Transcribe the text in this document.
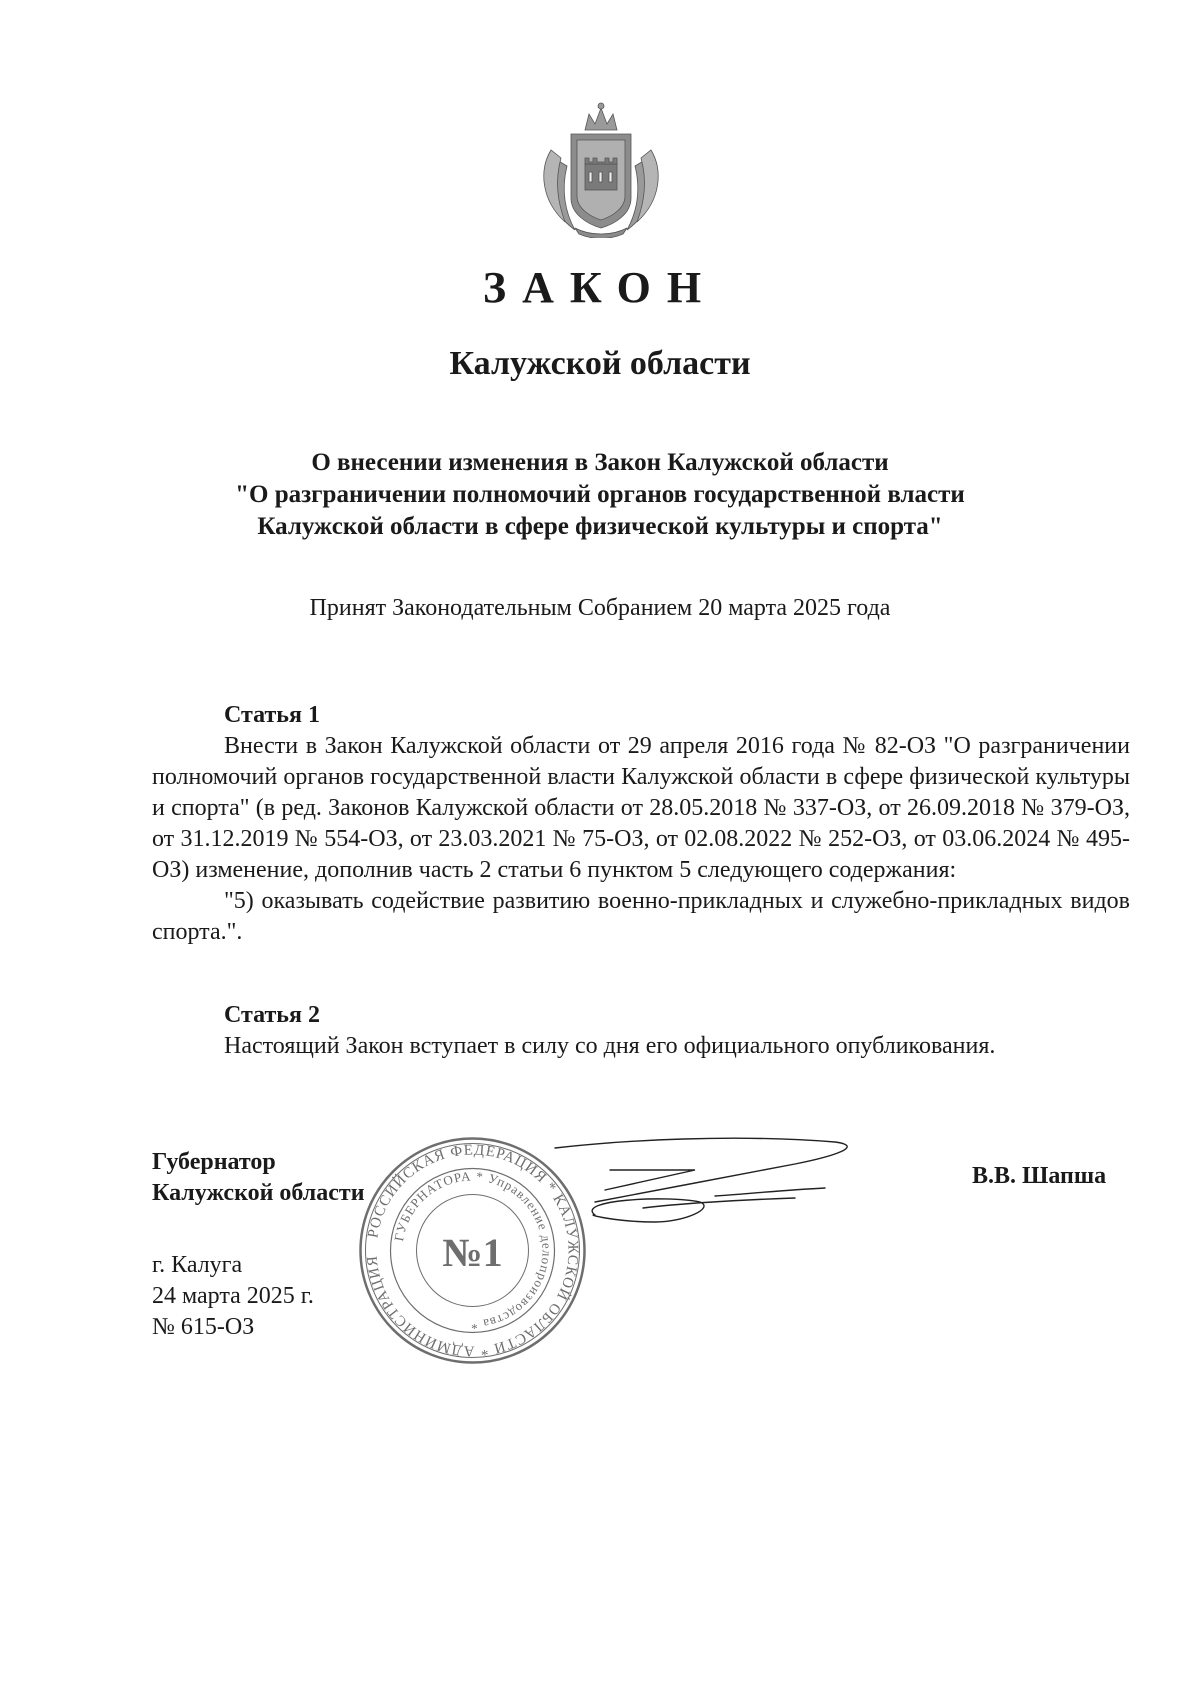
ЗАКОН
Калужской области
О внесении изменения в Закон Калужской области
"О разграничении полномочий органов государственной власти
Калужской области в сфере физической культуры и спорта"

Принят Законодательным Собранием 20 марта 2025 года

Статья 1

Внести в Закон Калужской области от 29 апреля 2016 года № 82-ОЗ "О разграничении полномочий органов государственной власти Калужской области в сфере физической культуры и спорта" (в ред. Законов Калужской области от 28.05.2018 № 337-ОЗ, от 26.09.2018 № 379-ОЗ, от 31.12.2019 № 554-ОЗ, от 23.03.2021 № 75-ОЗ, от 02.08.2022 № 252-ОЗ, от 03.06.2024 № 495-ОЗ) изменение, дополнив часть 2 статьи 6 пунктом 5 следующего содержания:

"5) оказывать содействие развитию военно-прикладных и служебно-прикладных видов спорта.".

Статья 2

Настоящий Закон вступает в силу со дня его официального опубликования.

Губернатор
Калужской области
В.В. Шапша
г. Калуга
24 марта 2025 г.
№ 615-ОЗ
РОССИЙСКАЯ ФЕДЕРАЦИЯ * КАЛУЖСКОЙ ОБЛАСТИ * АДМИНИСТРАЦИЯ
ГУБЕРНАТОРА * Управление делопроизводства *
№1
